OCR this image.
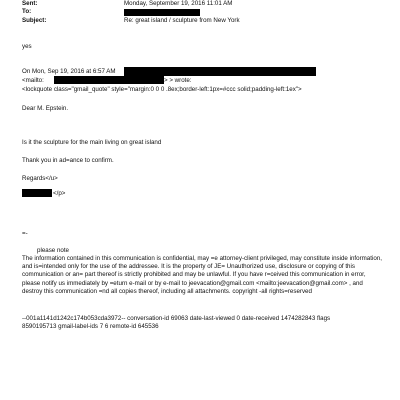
Sent:	Monday, September 19, 2016 11:01 AM
To:
Subject:	Re: great island / sculpture from New York
yes
On Mon, Sep 19, 2016 at 6:57 AM
<mailto:	> > wrote:
<lockquote class="gmail_quote" style="margin:0 0 0 .8ex;border-left:1px=#ccc solid;padding-left:1ex">
Dear M. Epstein.
Is it the sculpture for the main living on great island
Thank you in ad=ance to confirm.
Regards</u>
</p>
=-
please note
The information contained in this communication is confidential, may =e attorney-client privileged, may constitute inside information, and is=intended only for the use of the addressee. It is the property of JE= Unauthorized use, disclosure or copying of this communication or an= part thereof is strictly prohibited and may be unlawful. If you have r=ceived this communication in error, please notify us immediately by =eturn e-mail or by e-mail to jeevacation@gmail.com <mailto:jeevacation@gmail.com> , and destroy this communication =nd all copies thereof, including all attachments. copyright -all rights=reserved
--001a1141d1242c174b053cda3972-- conversation-id 69063 date-last-viewed 0 date-received 1474282843 flags 8590195713 gmail-label-ids 7 6 remote-id 645536
